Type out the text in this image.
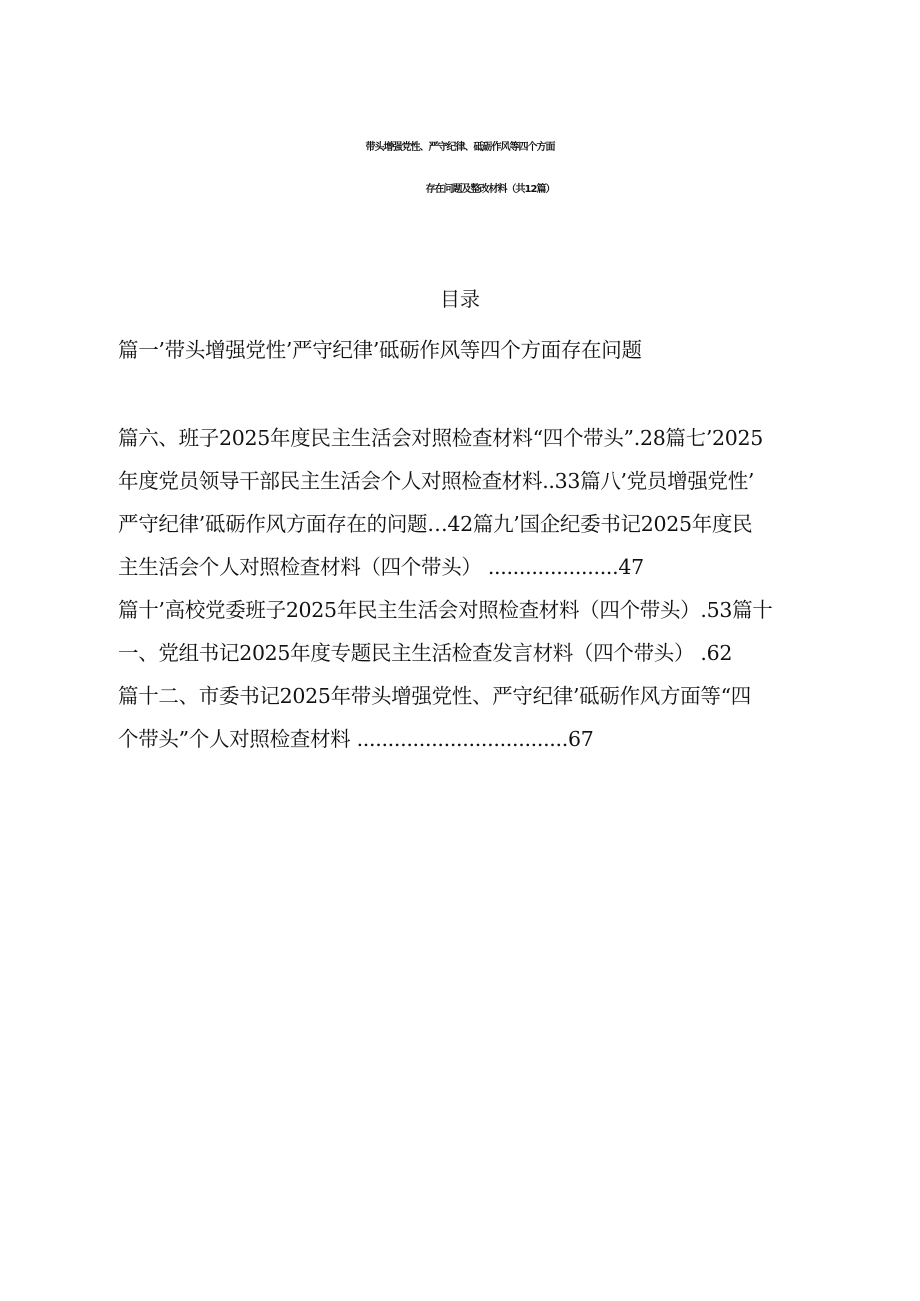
带头增强党性、严守纪律、砥砺作风等四个方面
存在问题及整改材料（共12篇）
目录
篇一’带头增强党性’严守纪律’砥砺作风等四个方面存在问题
篇六、班子2025年度民主生活会对照检查材料“四个带头”.28篇七’2025
年度党员领导干部民主生活会个人对照检查材料..33篇八’党员增强党性’
严守纪律’砥砺作风方面存在的问题…42篇九’国企纪委书记2025年度民
主生活会个人对照检查材料（四个带头） .....................47
篇十’高校党委班子2025年民主生活会对照检查材料（四个带头）.53篇十
一、党组书记2025年度专题民主生活检查发言材料（四个带头） .62
篇十二、市委书记2025年带头增强党性、严守纪律’砥砺作风方面等“四
个带头”个人对照检查材料 ..................................67
